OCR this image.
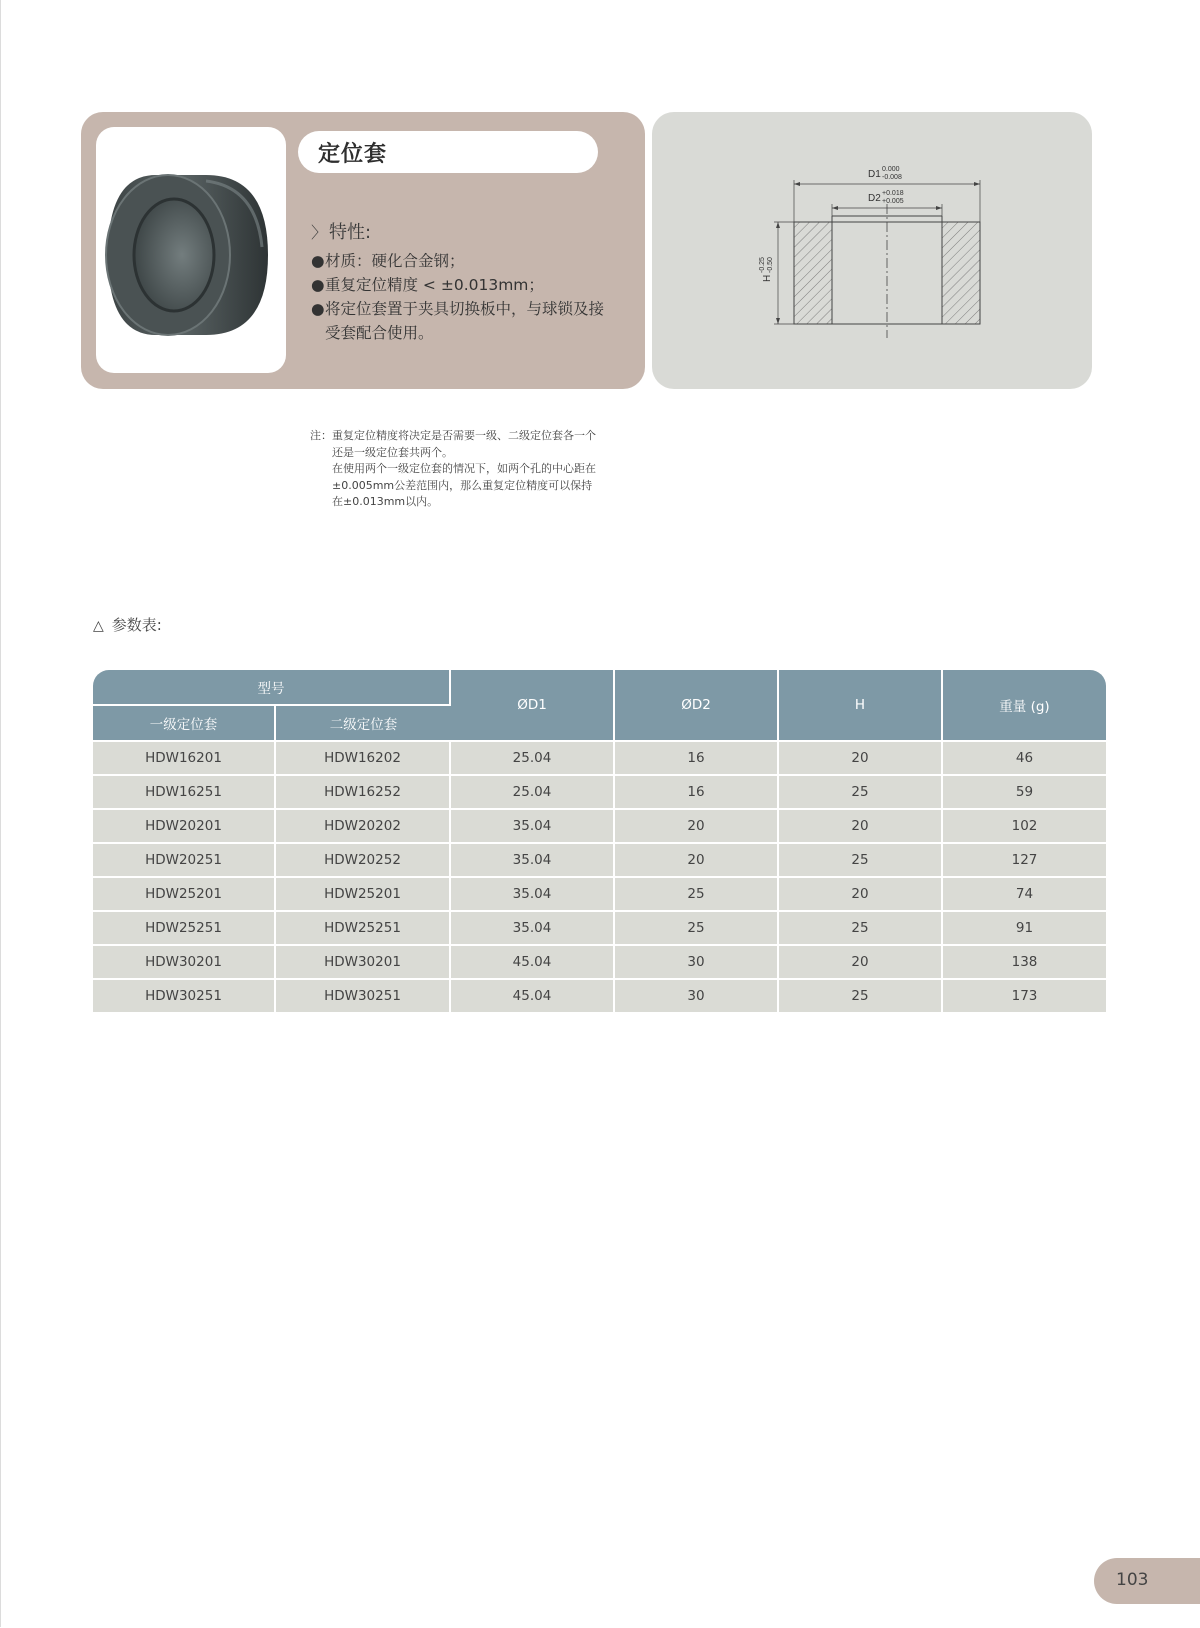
定位套
〉 特性:
● 材质：硬化合金钢；
● 重复定位精度 < ±0.013mm；
● 将定位套置于夹具切换板中，与球锁及接受套配合使用。
D1 0.000
-0.008
D2 +0.018
+0.005
H
-0.25 -0.50
注： 重复定位精度将决定是否需要一级、二级定位套各一个还是一级定位套共两个。
在使用两个一级定位套的情况下，如两个孔的中心距在±0.005mm公差范围内，那么重复定位精度可以保持在±0.013mm以内。
△ 参数表:
型号		ØD1	ØD2	H	重量 (g)
一级定位套	二级定位套				
HDW16201	HDW16202	25.04	16	20	46
HDW16251	HDW16252	25.04	16	25	59
HDW20201	HDW20202	35.04	20	20	102
HDW20251	HDW20252	35.04	20	25	127
HDW25201	HDW25201	35.04	25	20	74
HDW25251	HDW25251	35.04	25	25	91
HDW30201	HDW30201	45.04	30	20	138
HDW30251	HDW30251	45.04	30	25	173
103
